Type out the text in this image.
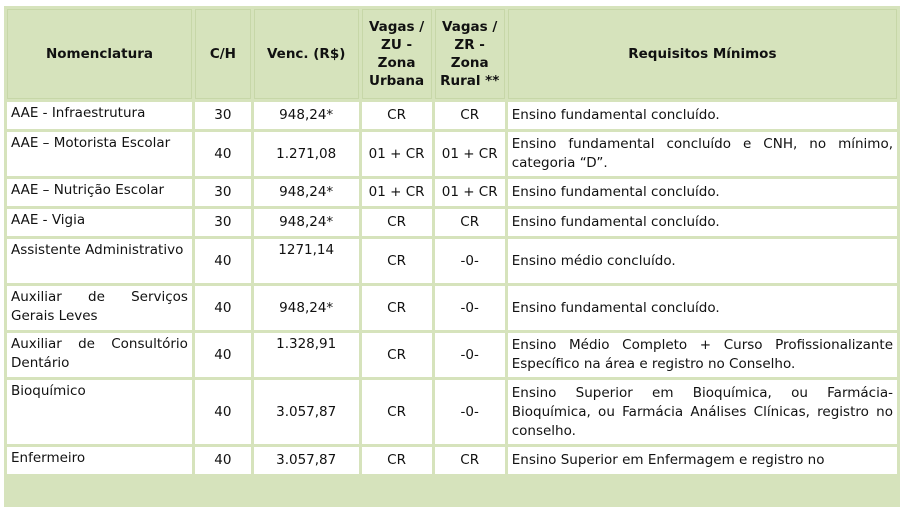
Nomenclatura	C/H	Venc. (R$)	Vagas / ZU - Zona Urbana	Vagas / ZR - Zona Rural **	Requisitos Mínimos
AAE - Infraestrutura	30	948,24*	CR	CR	Ensino fundamental concluído.
AAE – Motorista Escolar	40	1.271,08	01 + CR	01 + CR	Ensino fundamental concluído e CNH, no mínimo, categoria “D”.
AAE – Nutrição Escolar	30	948,24*	01 + CR	01 + CR	Ensino fundamental concluído.
AAE - Vigia	30	948,24*	CR	CR	Ensino fundamental concluído.
Assistente Administrativo	40	1271,14	CR	-0-	Ensino médio concluído.
Auxiliar de Serviços Gerais Leves	40	948,24*	CR	-0-	Ensino fundamental concluído.
Auxiliar de Consultório Dentário	40	1.328,91	CR	-0-	Ensino Médio Completo + Curso Profissionalizante Específico na área e registro no Conselho.
Bioquímico	40	3.057,87	CR	-0-	Ensino Superior em Bioquímica, ou Farmácia-Bioquímica, ou Farmácia Análises Clínicas, registro no conselho.
Enfermeiro	40	3.057,87	CR	CR	Ensino Superior em Enfermagem e registro no
